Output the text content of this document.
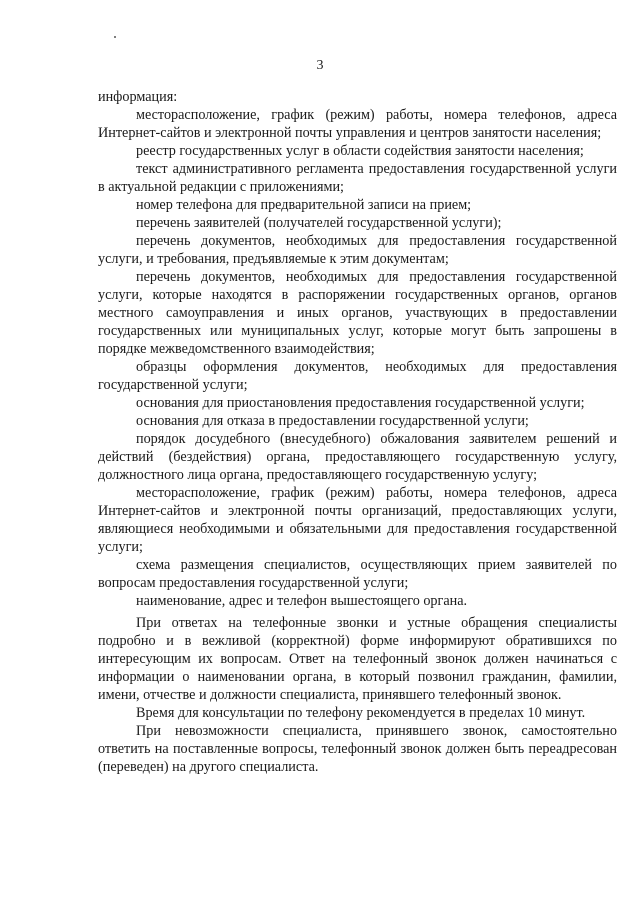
3

информация:

месторасположение, график (режим) работы, номера телефонов, адреса Интернет-сайтов и электронной почты управления и центров занятости населения;

реестр государственных услуг в области содействия занятости населения;

текст административного регламента предоставления государственной услуги в актуальной редакции с приложениями;

номер телефона для предварительной записи на прием;

перечень заявителей (получателей государственной услуги);

перечень документов, необходимых для предоставления государственной услуги, и требования, предъявляемые к этим документам;

перечень документов, необходимых для предоставления государственной услуги, которые находятся в распоряжении государственных органов, органов местного самоуправления и иных органов, участвующих в предоставлении государственных или муниципальных услуг, которые могут быть запрошены в порядке межведомственного взаимодействия;

образцы оформления документов, необходимых для предоставления государственной услуги;

основания для приостановления предоставления государственной услуги;

основания для отказа в предоставлении государственной услуги;

порядок досудебного (внесудебного) обжалования заявителем решений и действий (бездействия) органа, предоставляющего государственную услугу, должностного лица органа, предоставляющего государственную услугу;

месторасположение, график (режим) работы, номера телефонов, адреса Интернет-сайтов и электронной почты организаций, предоставляющих услуги, являющиеся необходимыми и обязательными для предоставления государственной услуги;

схема размещения специалистов, осуществляющих прием заявителей по вопросам предоставления государственной услуги;

наименование, адрес и телефон вышестоящего органа.

При ответах на телефонные звонки и устные обращения специалисты подробно и в вежливой (корректной) форме информируют обратившихся по интересующим их вопросам. Ответ на телефонный звонок должен начинаться с информации о наименовании органа, в который позвонил гражданин, фамилии, имени, отчестве и должности специалиста, принявшего телефонный звонок.

Время для консультации по телефону рекомендуется в пределах 10 минут.

При невозможности специалиста, принявшего звонок, самостоятельно ответить на поставленные вопросы, телефонный звонок должен быть переадресован (переведен) на другого специалиста.
